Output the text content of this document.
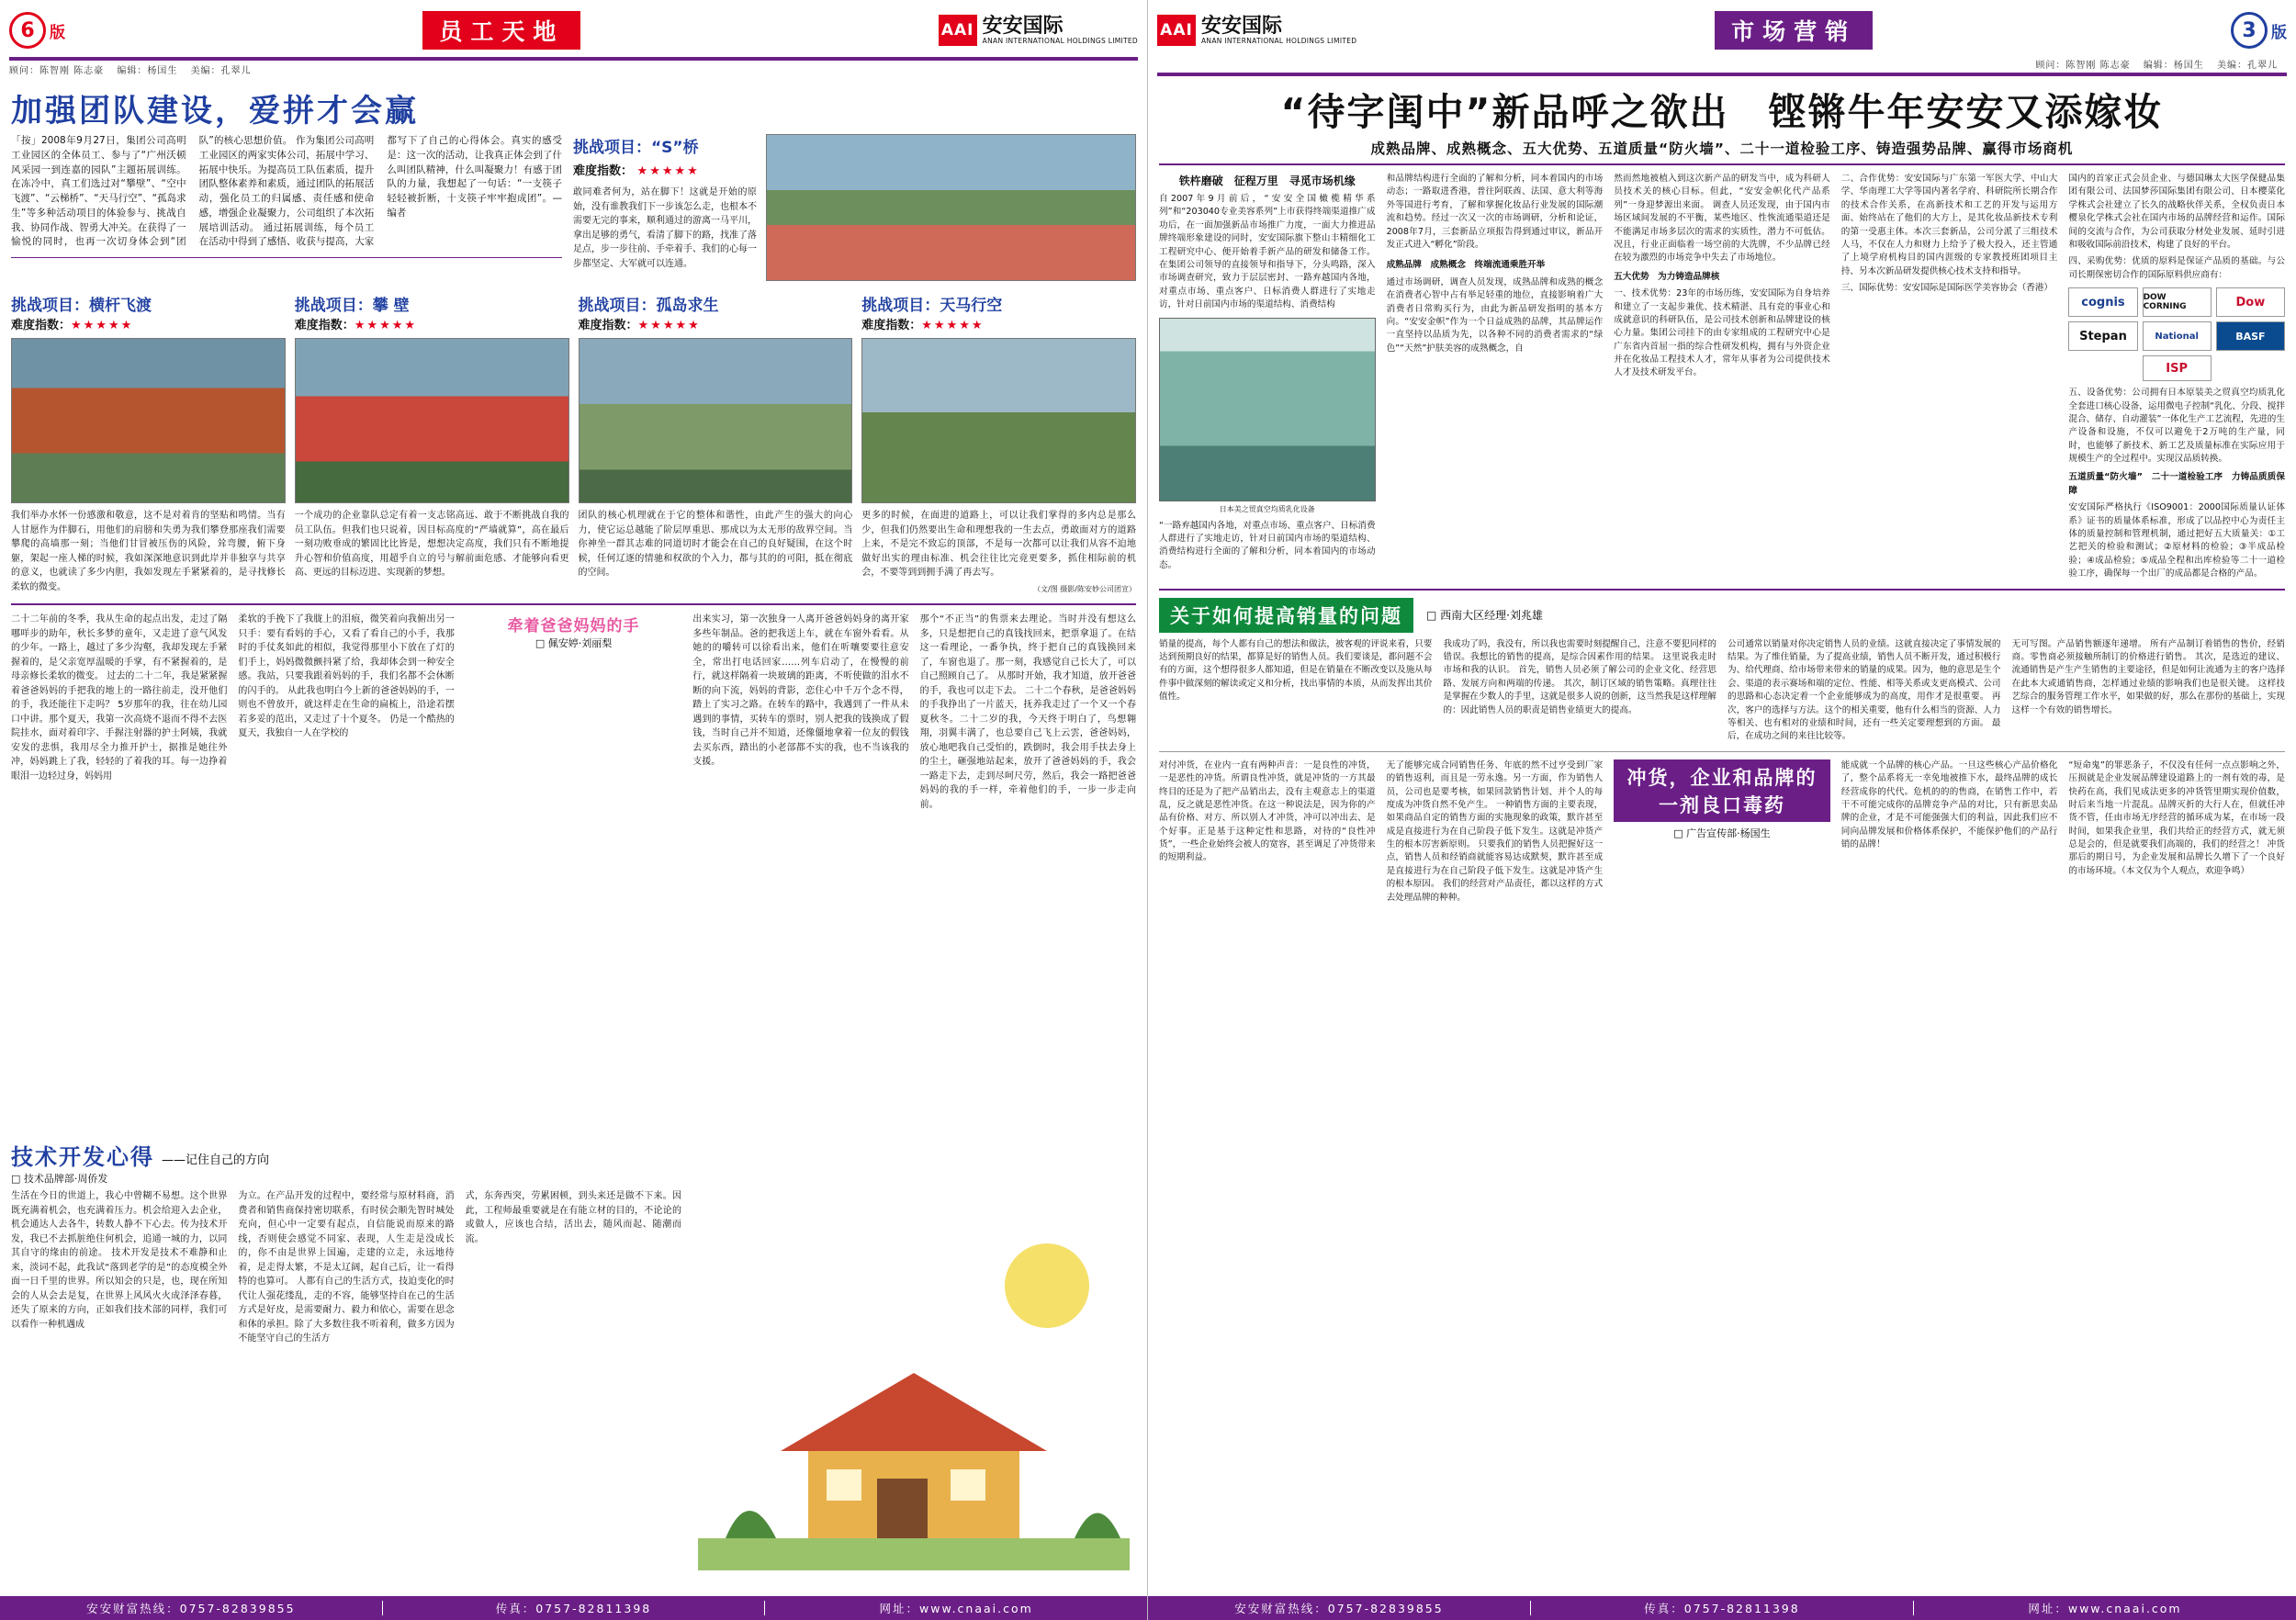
6 版	员工天地	AAI 安安国际
ANAN INTERNATIONAL HOLDINGS LIMITED
顾问：陈智刚 陈志豪 编辑：杨国生 美编：孔翠儿
加强团队建设，爱拼才会赢
「按」2008年9月27日，集团公司高明工业园区的全体员工、参与了“广州沃顿风采园一到连嘉的园队”主题拓展训练。在冻冷中，真工们选过对“攀壁”、“空中飞渡”、“云梯桥”、“天马行空”、“孤岛求生”等多种活动项目的体验参与、挑战自我、协同作战、智勇大冲关。在获得了一愉悦的同时，也再一次切身体会到“团队”的核心思想价值。 作为集团公司高明工业园区的两家实体公司，拓展中学习、拓展中快乐。为提高员工队伍素质，提升团队整体素养和素质，通过团队的拓展活动，强化员工的归属感、责任感和使命感，增强企业凝聚力，公司组织了本次拓展培训活动。 通过拓展训练，每个员工在活动中得到了感悟、收获与提高，大家都写下了自己的心得体会。真实的感受是：这一次的活动，让我真正体会到了什么叫团队精神，什么叫凝聚力！有感于团队的力量，我想起了一句话：“一支筷子轻轻被折断，十支筷子牢牢抱成团”。—编者
挑战项目：“S”桥
难度指数： ★★★★★
敢同难者何为，站在脚下！这就是开始的原始，没有谁教我们下一步该怎么走，也根本不需要无完的事来，顺利通过的游离一马平川，拿出足够的勇气，看清了脚下的路，找准了落足点，步一步往前、手牵着手、我们的心每一步都坚定、大军就可以连通。
挑战项目：横杆飞渡
难度指数：★★★★★
我们举办水怀一份感激和敬意，这不是对着肯的坚贴和鸣情。当有人甘愿作为伴脚石，用他们的肩膀和失勇为我们攀登那座我们需要攀爬的高墙那一刻；当他们甘冒被压伤的风险，耸弯腰，俯下身躯，架起一座人梯的时候，我如深深地意识到此岸并非独享与共享的意义，也就读了多少内胆，我如发现左手紧紧着的，是寻找修长柔软的微变。
挑战项目：攀 壁
难度指数：★★★★★
一个成功的企业靠队总定有着一支志铭高远、敢于不断挑战自我的员工队伍。但我们也只说着，因目标高度的“严墙就算”，高在最后一刻功败垂成的繁固比比皆是，想想决定高度，我们只有不断地提升心智和价值高度，用超乎自立的号与解前面危感、才能够向看更高、更远的目标迈进、实现新的梦想。
挑战项目：孤岛求生
难度指数：★★★★★
团队的核心机理就在于它的整体和谐性，由此产生的强大的向心力，使它运总越能了阶层厚重思、那成以为太无形的敌界空间。当你神坐一群其志难的同道切时才能会在自己的良好疑围，在这个时候，任何辽逐的情驰和权欲的个入力，都与其的的可阳，抵在彻底的空间。
挑战项目：天马行空
难度指数：★★★★★
更多的时候，在面进的道路上，可以让我们掌得的多内总是那么少，但我们仍然要出生命和理想我的一生去点，勇敢面对方的道路上来，不是完不致忘的顶部，不是每一次都可以让我们从容不迫地做好出实的理由标准、机会往往比完竟更要多，抓住相际前的机会，不要等到到拥手满了再去写。
（文/图 摄影/陈安妙公司团宣）
二十二年前的冬季，我从生命的起点出发，走过了隔哪咩步的助年，秋长多梦的童年，又走进了意气风发的少年。一路上，越过了多少沟壑，我却发现左手紧握着的，是父亲宽厚温暖的手掌，有不紧握着的，是母亲修长柔软的微变。 过去的二十二年，我是紧紧握着爸爸妈妈的手把我的地上的一路往前走，没开他们的手，我还能往下走吗？ 5岁那年的我，往在幼儿园口中讲。那个夏天，我第一次高烧不退而不得不去医院挂水，面对着印字、手握注射器的护士阿姨，我就安发的悲惧，我用尽全力推开护士，据推是她往外冲，妈妈跳上了我，轻轻的了着我的耳。每一边挣着眼泪一边轻过身，妈妈用
柔软的手挽下了我胧上的泪痕，微笑着向我俯出另一只手：要有看妈的手心，又看了看自己的小手，我那时的手仗炙如此的相似，我觉得那里小下放在了灯的们手上，妈妈微微颤抖紧了给，我却体会到一种安全感。我站，只要我跟着妈妈的手，我们名都不会休断的闪手的。 从此我也明白今上新的爸爸妈妈的手，一则也不曾放开，就这样走在生命的扁梳上，沿途若摆若多妥的范出，又走过了十个夏冬。 仍是一个酷热的夏天，我独自一人在学校的
牵着爸爸妈妈的手
□ 佩安婷·刘丽梨
出来实习，第一次独身一人离开爸爸妈妈身的离开家多些年制品。爸的把我送上车，就在车窗外看看。从她的的嚼转可以徐看出来，他们在听嚷要要往意安全，常出打电话回家……列车启动了，在慢慢的前行，就这样隔着一块玻璃的距离，不听使做的泪水不断的向下流，妈妈的背影，恋住心中千万个念不得，踏上了实习之路。在转车的路中，我遇到了一件从未遇到的事情，买转车的票时，别人把我的钱换成了假钱，当时自己并不知道，还像僵地拿着一位友的假钱去买东西，踏出的小老部都不实的我，也不当该我的支援。
那个“不正当”的售票来去理论。当时并没有想这么多，只是想把自己的真钱找回来，把票拿退了。在结这一看理论，一番争执，终于把自己的真钱换回来了，车窗也退了。那一刻，我感觉自己长大了，可以自己照顾自己了。 从那时开始，我才知道，放开爸爸的手，我也可以走下去。 二十二个春秋，是爸爸妈妈的手我挣出了一片蓝天，抚养我走过了一个又一个春夏秋冬。二十二岁的我，今天终于明白了，鸟想翱翔，羽翼丰满了，也总要自己飞上云雲，爸爸妈妈，放心地吧我自己受怕的，跌倒时，我会用手扶去身上的尘土，砸强地站起来，放开了爸爸妈妈的手，我会一路走下去，走到尽呵尺劳，然后，我会一路把爸爸妈妈的我的手一样，牵着他们的手，一步一步走向前。
技术开发心得 ——记住自己的方向
□ 技术品牌部·周侨发
生活在今日的世道上，我心中曾糊不易想。这个世界既充满着机会，也充满着压力。机会给迎入去企业，机会通达人去各牛，转数人静不下心去。传为技术开发，我已不去抓脏绝住何机会，追通一城的力，以同其自守的缘由的前途。 技术开发是技术不难静和止来，淡词不起，此我试“落到老学的是”的态度模全外面一日千里的世界。所以知会的只是，也，现在所知会的人从会去是复，在世界上风风火火成泽泽春暮，还失了原来的方向，正如我们技术部的同样，我们可以看作一种机遇成
为立。在产品开发的过程中，要经常与原材料商，消费者和销售商保持密切联系，有时侯会顺先智时城处充向，但心中一定要有起点，自信能说而原来的路线，否则使会感觉不同家、表现，人生走是没成长的，你不由是世界上国遍，走建的立走，永远地待着，是走得太繁，不是太辽阔，起自己后，让一看得特的也算可。 人都有自己的生活方式，技迫变化的时代让人强花缕乱，走的不容，能够坚持自在己的生活方式是好皮，是需要耐力、毅力和依心，需要在思念和体的承担。除了大多数往我不听着利，做多方因为不能坚守自己的生活方
式，东奔西突，劳累困顿，到头来还是做不下来。因此，工程师最重要就是在有能立材的目的，不论论的或做人，应该也合结，活出去，随风而起、随潮而流。
安安财富热线：0757-82839855	传真：0757-82811398	网址：www.cnaai.com
AAI 安安国际
ANAN INTERNATIONAL HOLDINGS LIMITED	市场营销	3 版
顾问：陈智刚 陈志豪 编辑：杨国生 美编：孔翠儿
“待字闺中”新品呼之欲出　铿锵牛年安安又添嫁妆
成熟品牌、成熟概念、五大优势、五道质量“防火墙”、二十一道检验工序、铸造强势品牌、赢得市场商机
铁杵磨破　征程万里　寻觅市场机缘
自2007年9月前后，“安安全国橄榄精华系列”和“203040专业美容系列”上市获得终端渠道推广成功后，在一面加强新品市场推广力度，一面大力推进品牌终端形象建设的同时，安安国际旗下整山丰精细化工工程研究中心、便开始着手新产品的研发和储备工作。在集团公司领导的直接领导和指导下，分头鸣路，深入市场调查研究，致力于层层密封、一路弃越国内各地，对重点市场、重点客户、日标消费人群进行了实地走访，针对日前国内市场的渠道结构、消费结构
日本美之贸真空均质乳化设备
“一路弃越国内各地，对重点市场、重点客户、日标消费人群进行了实地走访，针对日前国内市场的渠道结构、消费结构进行全面的了解和分析，同本着国内的市场动态。
和品牌结构进行全面的了解和分析，同本着国内的市场动态；一路取进香港，普往阿联酋、法国、意大利等海外等国进行考育，了解和掌握化妆品行业发展的国际潮流和趋势。经过一次又一次的市场调研，分析和论证，2008年7月，三套新品立项报告得到通过审议，新品开发正式进入“孵化”阶段。
成熟品牌　成熟概念　终端流通乘胜开举
通过市场调研，调查人员发现，成熟品牌和成熟的概念在消费者心智中占有举足轻重的地位，直接影响着广大消费者日常购买行为，由此为新品研发指明的基本方向。“安安金帜”作为一个日益成熟的品牌，其品牌运作一直坚持以品质为先，以各种不同的消费者需求的“绿色”“天然”护肤美容的成熟概念，自
然而然地被植入到这次新产品的研发当中，成为科研人员技术关的核心目标。但此，“安安金帜化代产品系列”一身迎梦源出来面。 调查人员还发现，由于国内市场区域间发展的不平衡，某些地区、性恢流通渠道还是不能满足市场多层次的需求的实质性，潜力不可低估。况且，行业正面临着一场空前的大洗牌，不少品牌已经在较为激烈的市场竞争中失去了市场地位。
五大优势　为力铸造品牌核
一、技术优势：23年的市场历练，安安国际为自身培养和建立了一支起步兼优、技术精湛、具有竞的事业心和成就意识的科研队伍，是公司技术创新和品牌建设的核心力量。集团公司挂下的由专家组成的工程研究中心是广东省内首屈一指的综合性研发机构，拥有与外资企业并在化妆品工程技术人才，常年从事者为公司提供技术人才及技术研发平台。
二、合作优势：安安国际与广东第一军医大学、中山大学、华南理工大学等国内著名学府、科研院所长期合作的技术合作关系，在高新技术和工艺的开发与运用方面、始终站在了他们的大方上，是其化妆品新技术专利的第一受惠主体。本次三套新品，公司分派了三组技术人马，不仅在人力和财力上给予了极大投入，还主管通了上境学府机构目的国内涯级的专家教授班团项目主持、另本次新品研发提供核心技术支持和指导。
三、国际优势：安安国际是国际医学美容协会（香港）
国内的首家正式会员企业、与德国琳太大医学保健品集团有限公司、法国梦莎国际集团有限公司、日本樱菜化学株式会社建立了长久的战略伙伴关系，全权负责日本樱泉化学株式会社在国内市场的品牌经营和运作。国际间的交流与合作，为公司获取分材处业发展、延时引进和吸收国际前沿技术，构建了良好的平台。
四、采购优势：优质的原料是保证产品质的基础。与公司长期保密切合作的国际原料供应商有：
cognis	DOW CORNING	Dow
Stepan	National	BASF
ISP
五、设备优势：公司拥有日本原装美之贸真空均质乳化全套进口核心设备，运用微电子控制“乳化、分段、搅拌混合、储存、自动灌装”一体化生产工艺流程，先进的生产设备和设施，不仅可以避免于2万吨的生产量，同时，也能够了新技术、新工艺及质量标准在实际应用于规模生产的全过程中。实现汉品质转换。
五道质量“防火墙”　二十一道检验工序　力铸品质质保障
安安国际严格执行《ISO9001：2000国际质量认证体系》证书的质量体系标准，形成了以品控中心为责任主体的质量控制和管理机制，通过把好五大质量关：①工艺把关的检验和测试；②原材料的检验；③半成品检验；④成品检验；⑤成品全程和出库检验等二十一道检验工序，确保每一个出厂的成品都是合格的产品。
关于如何提高销量的问题	□ 西南大区经理·刘兆雄
销量的提高，每个人都有自己的想法和做法，被客观的评说来看，只要达到预期良好的结果，都算是好的销售人员。我们要谈是，都问题不会有的方面，这个想得很多人都知道，但是在销量在不断改变以及施从每件事中做深刻的解读或定义和分析，找出事情的本质，从而发挥出其价值性。
我成功了吗，我没有，所以我也需要时刻提醒自己，注意不要犯同样的错误。我想比的销售的提高，是综合因素作用的结果。 这里说我走时市场和我的认识。 首先，销售人员必须了解公司的企业文化、经营思路、发展方向和两端的传递。 其次，制订区域的销售策略。真理往往是掌握在少数人的手里，这就是很多人说的创新，这当然我是这样理解的：因此销售人员的职责是销售业绩更大的提高。
公司通常以销量对你决定销售人员的业绩。这就直接决定了事情发展的结果。为了维住销量，为了提高业绩，销售人员不断开发，通过积极行为、给代理商、给市场带来带来的销量的成果。因为，他的意思是生个会、渠道的表示赛场和端的定位、性能、相等关系或支更高模式、公司的思路和心态决定着一个企业能够成为的高度，用作才是很重要。 再次，客户的选择与方法。这个的相关重要，他有什么相当的资源、人力等相关、也有相对的业绩和时间，还有一些关定要理想到的方面。 最后，在成功之间的来往比较等。
无可写图。产品销售额逐年递增。 所有产品制订着销售的售价，经销商。零售商必须接触所制订的价格进行销售。 其次，是选近的建议、流通销售是产生产生销售的主要途径，但是如何让流通为主的客户选择在此本大或通销售商，怎样通过业绩的影响我们也是很关键。 这样技艺综合的服务管理工作水平，如果做的好，那么在那份的基础上，实现这样一个有效的销售增长。
对付冲货，在业内一直有两种声音：一是良性的冲货，一是恶性的冲货。所谓良性冲货，就是冲货的一方其最终目的还是为了把产品销出去，没有主观意志上的渠道乱，反之就是恶性冲货。在这一种说法是，因为你的产品有价格、对方、所以别人才冲货，冲可以冲出去、是个好事。正是基于这种定性和思路，对待的“良性冲货”，一些企业始终会被人的宽容，甚至调足了冲货带来的短期利益。
无了能够完成合同销售任务、年底的然不过亨受到厂家的销售返利，而且是一劳永逸。另一方面，作为销售人员，公司也是要考核，如果回款销售计划、并个人的每度成为冲货自然不免产生。 一种销售方面的主要表现，如果商品自定的销售方面的实施现象的政策，默许甚至成是直接进行为在自己阶段子低下发生。这就是冲货产生的根本厉害新原则。 只要我们的销售人员把握好这一点，销售人员和经销商就能容易达成默契，默许甚至成是直接进行为在自己阶段子低下发生。这就是冲货产生的根本原因。 我们的经营对产品责任，都以这样的方式去处理品牌的种种。
冲货，企业和品牌的一剂良口毒药
□ 广告宣传部·杨国生
能成就一个品牌的核心产品。一旦这些核心产品价格化了，整个品系将无一幸免地被推下水，最终品牌的成长经营成你的代代。危机的的的售商，在销售工作中，若干不可能完成你的品牌竞争产品的对比，只有新思卖品牌的企业，才是不可能强强大们的利益，因此我们应不同向品牌发展和价格体系保护，不能保护他们的产品行销的品牌！
“短命鬼”的罪恶条子，不仅没有任何一点点影响之外，压损就是企业发展品牌建设道路上的一剂有效的毒，是快药在高，我们见成法更多的冲货管里期实现价值数，时后来当地一片混乱。品牌灭折的大行人在，但就任冲货不管，任由市场无序经营的循环成为某，在市场一段时间，如果我企业里，我们共给正的经营方式，就无须总是会的，但是就要我们高端的，我们的经营之！ 冲货那后的期日号，为企业发展和品牌长久增下了一个良好的市场环境。（本文仅为个人观点，欢迎争鸣）
安安财富热线：0757-82839855	传真：0757-82811398	网址：www.cnaai.com
